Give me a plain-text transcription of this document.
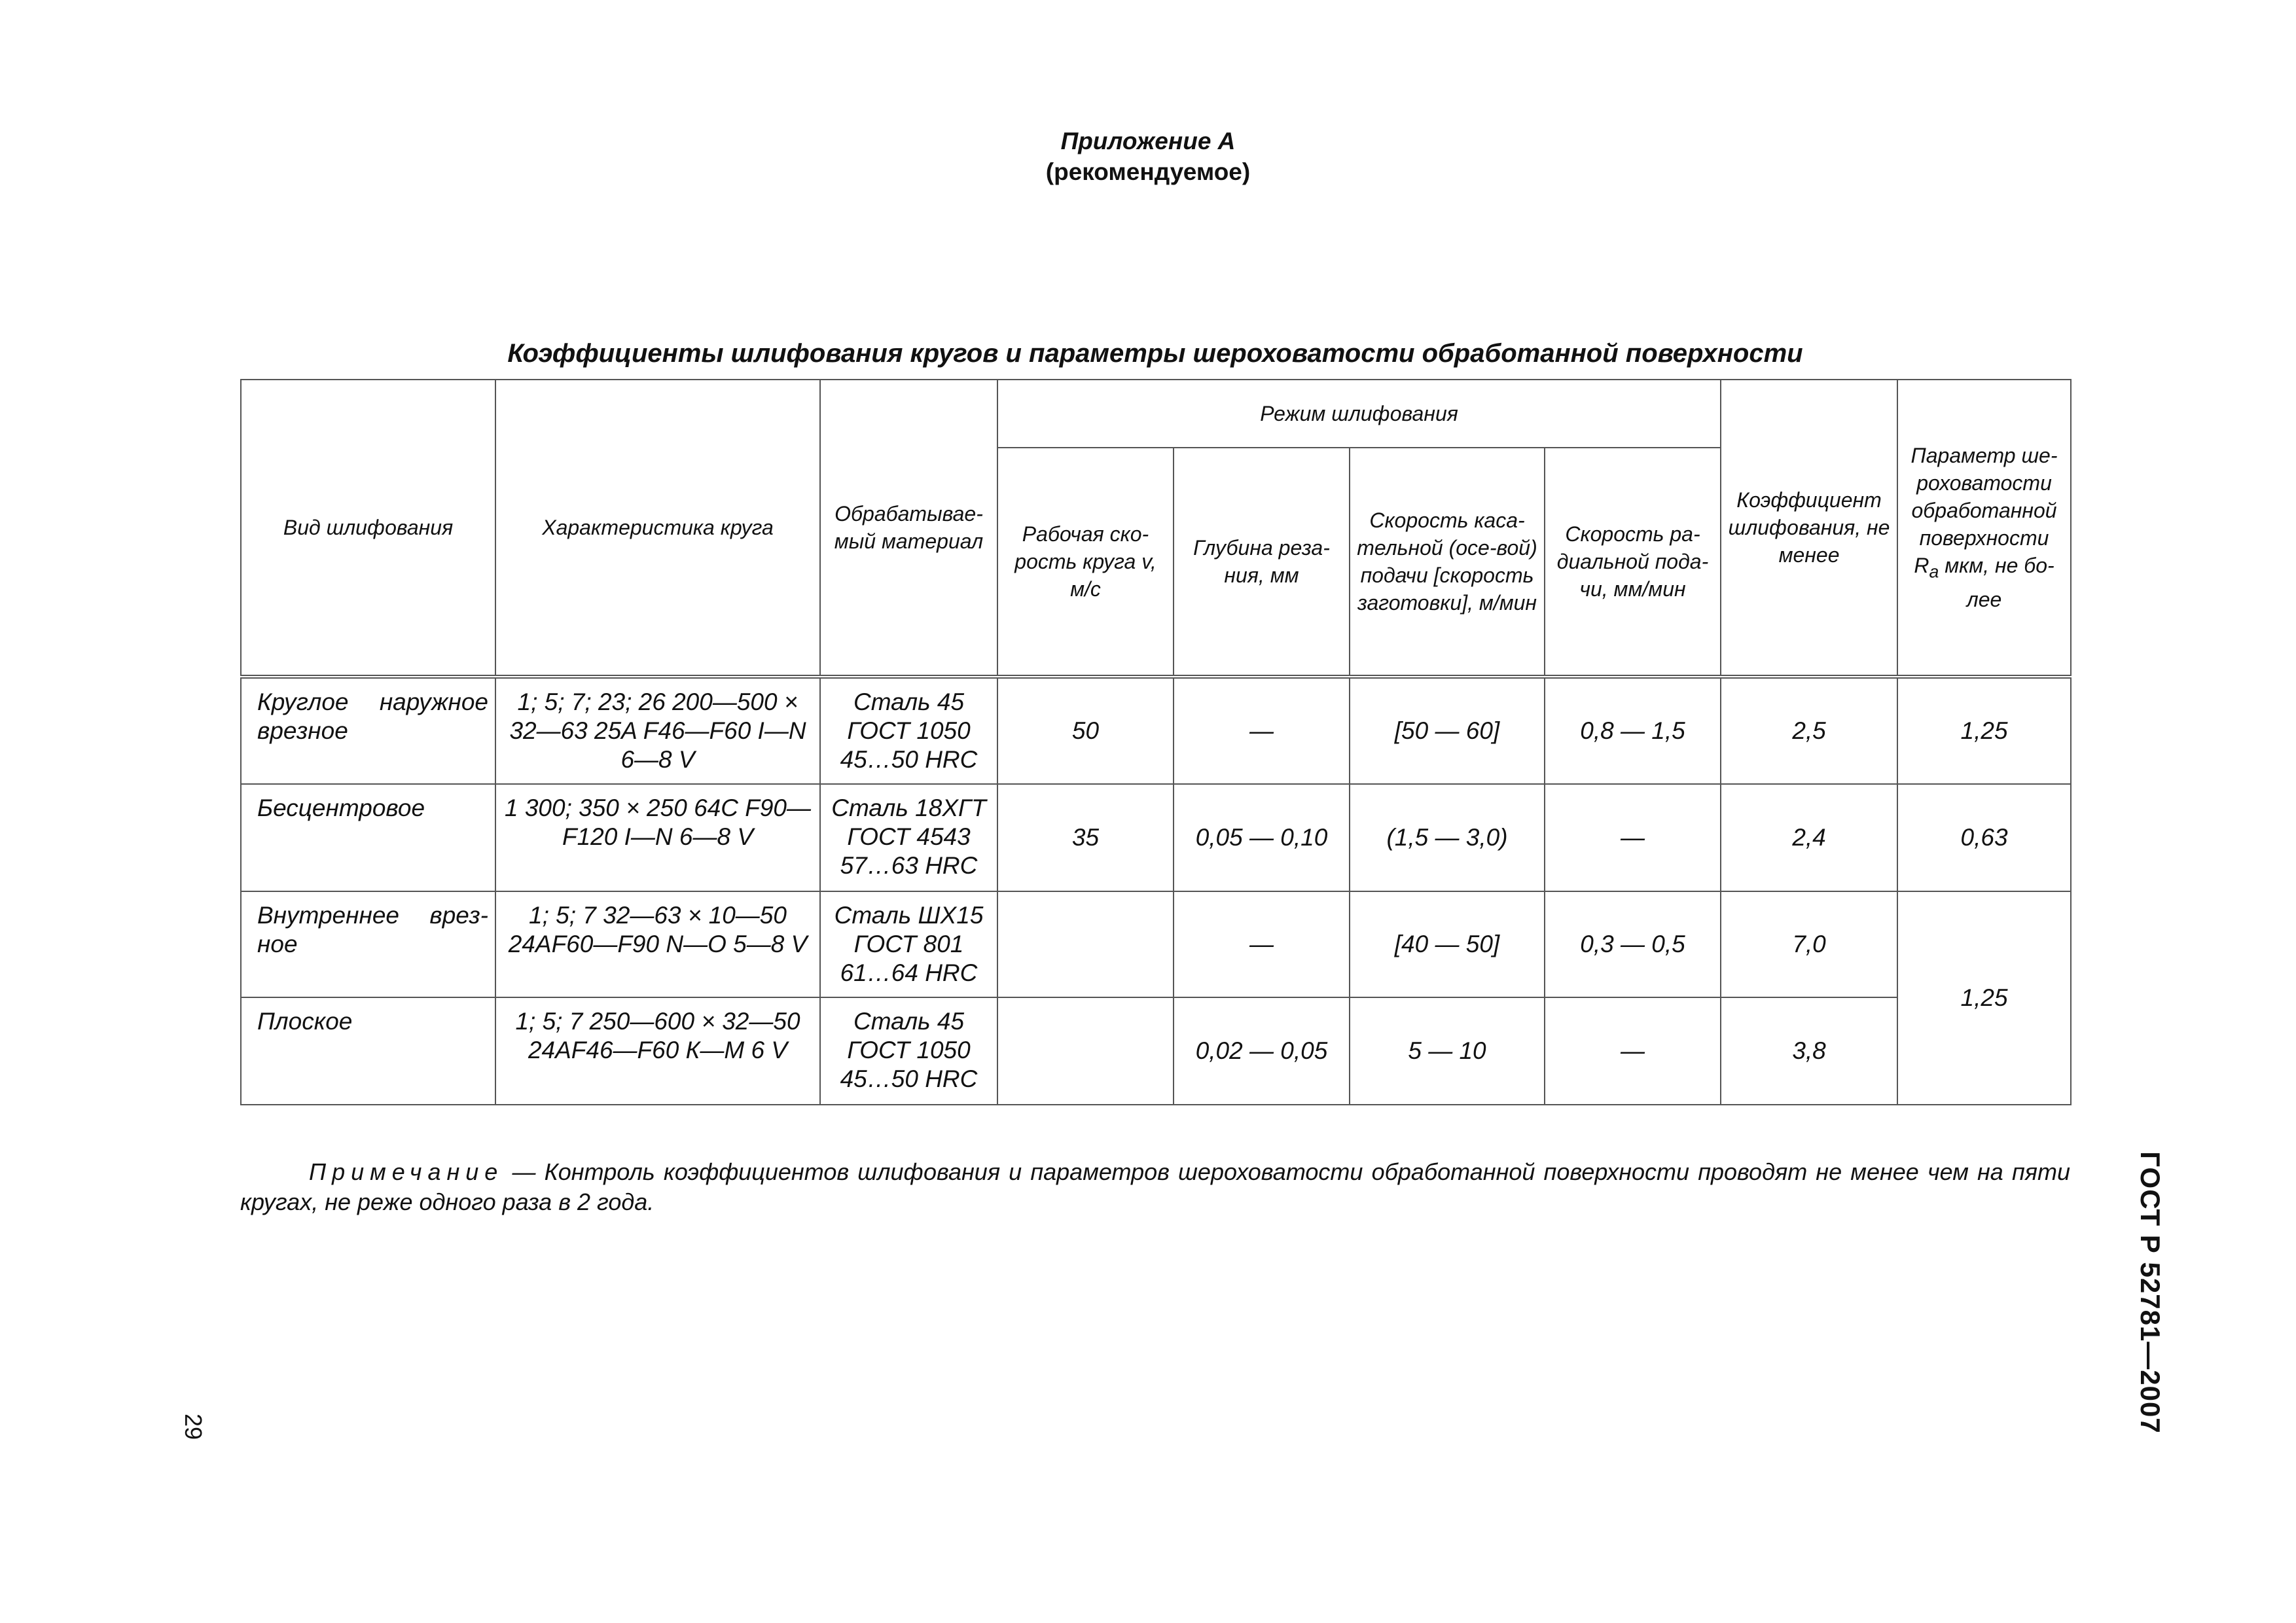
Приложение А
(рекомендуемое)
Коэффициенты шлифования кругов и параметры шероховатости обработанной поверхности
Вид шлифования	Характеристика круга	Обрабатывае-мый материал	Режим шлифования				Коэффициент шлифования, не менее	Параметр ше-роховатости обработанной поверхности $R_a$ мкм, не бо-лее
			Рабочая ско-рость круга v, м/с	Глубина реза-ния, мм	Скорость каса-тельной (осе-вой) подачи [скорость заготовки], м/мин	Скорость ра-диальной пода-чи, мм/мин		
Круглое наружное врезное	1; 5; 7; 23; 26 200—500 × 32—63 25A F46—F60 I—N 6—8 V	Сталь 45 ГОСТ 1050 45…50 HRC	50	—	[50 — 60]	0,8 — 1,5	2,5	1,25
Бесцентровое	1 300; 350 × 250 64C F90—F120 I—N 6—8 V	Сталь 18ХГТ ГОСТ 4543 57…63 HRC	35	0,05 — 0,10	(1,5 — 3,0)	—	2,4	0,63
Внутреннее врез-ное	1; 5; 7 32—63 × 10—50 24AF60—F90 N—O 5—8 V	Сталь ШХ15 ГОСТ 801 61…64 HRC		—	[40 — 50]	0,3 — 0,5	7,0	1,25
Плоское	1; 5; 7 250—600 × 32—50 24AF46—F60 К—M 6 V	Сталь 45 ГОСТ 1050 45…50 HRC		0,02 — 0,05	5 — 10	—	3,8	
Примечание — Контроль коэффициентов шлифования и параметров шероховатости обработанной поверхности проводят не менее чем на пяти кругах, не реже одного раза в 2 года.	ГОСТ Р 52781—2007
29
